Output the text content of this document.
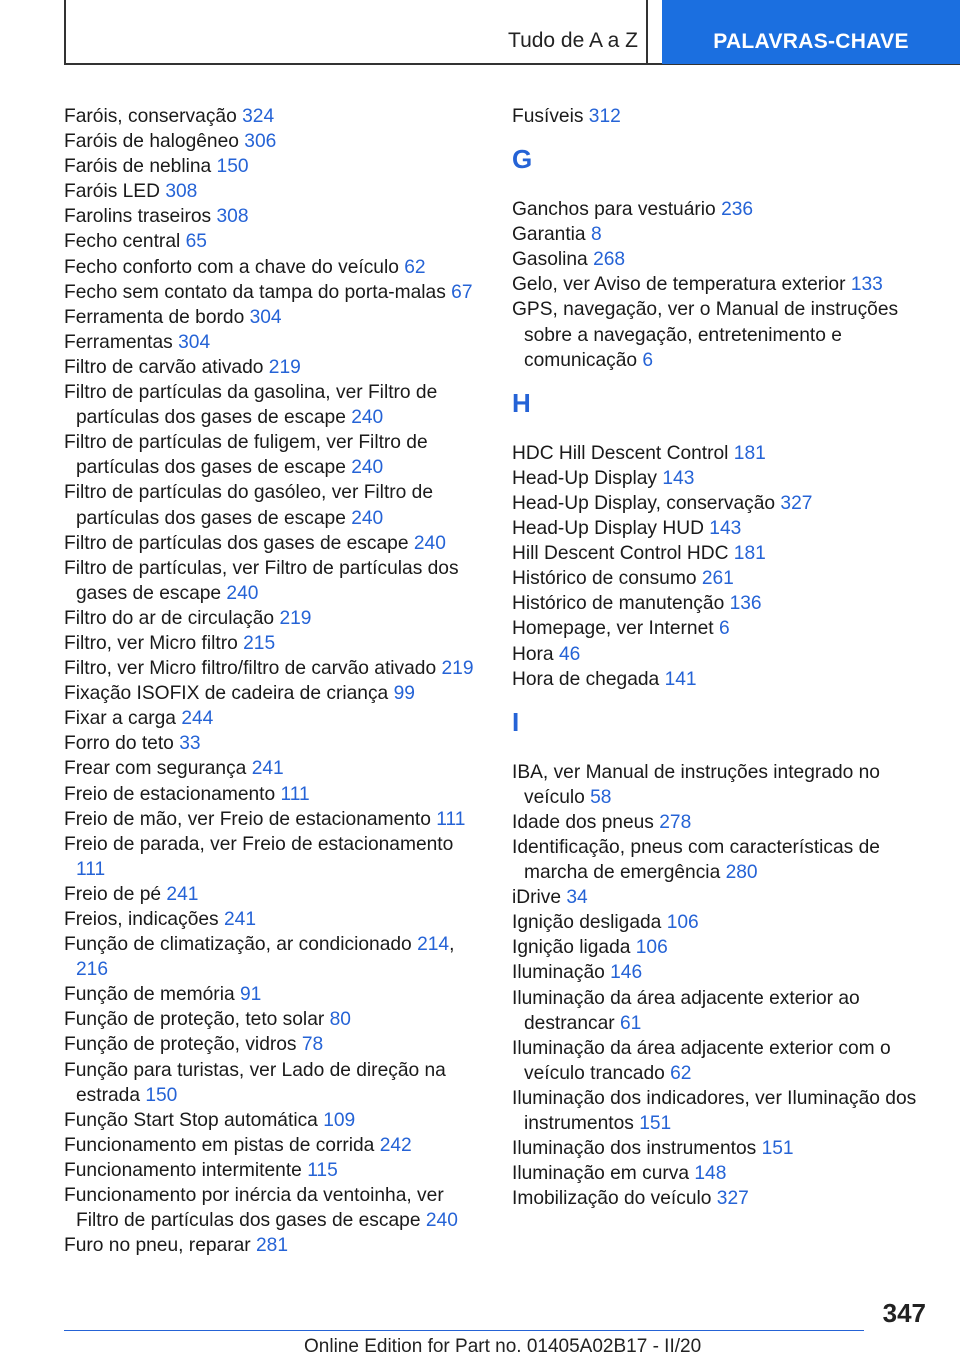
Tudo de A a Z	PALAVRAS-CHAVE

Faróis, conservação 324

Faróis de halogêneo 306

Faróis de neblina 150

Faróis LED 308

Farolins traseiros 308

Fecho central 65

Fecho conforto com a chave do veículo 62

Fecho sem contato da tampa do porta-malas 67

Ferramenta de bordo 304

Ferramentas 304

Filtro de carvão ativado 219

Filtro de partículas da gasolina, ver Filtro de partículas dos gases de escape 240

Filtro de partículas de fuligem, ver Filtro de partículas dos gases de escape 240

Filtro de partículas do gasóleo, ver Filtro de partículas dos gases de escape 240

Filtro de partículas dos gases de escape 240

Filtro de partículas, ver Filtro de partículas dos gases de escape 240

Filtro do ar de circulação 219

Filtro, ver Micro filtro 215

Filtro, ver Micro filtro/filtro de carvão ativado 219

Fixação ISOFIX de cadeira de criança 99

Fixar a carga 244

Forro do teto 33

Frear com segurança 241

Freio de estacionamento 111

Freio de mão, ver Freio de estacionamento 111

Freio de parada, ver Freio de estacionamento 111

Freio de pé 241

Freios, indicações 241

Função de climatização, ar condicionado 214, 216

Função de memória 91

Função de proteção, teto solar 80

Função de proteção, vidros 78

Função para turistas, ver Lado de direção na estrada 150

Função Start Stop automática 109

Funcionamento em pistas de corrida 242

Funcionamento intermitente 115

Funcionamento por inércia da ventoinha, ver Filtro de partículas dos gases de escape 240

Furo no pneu, reparar 281

Fusíveis 312

G

Ganchos para vestuário 236

Garantia 8

Gasolina 268

Gelo, ver Aviso de temperatura exterior 133

GPS, navegação, ver o Manual de instruções sobre a navegação, entretenimento e comunicação 6

H

HDC Hill Descent Control 181

Head-Up Display 143

Head-Up Display, conservação 327

Head-Up Display HUD 143

Hill Descent Control HDC 181

Histórico de consumo 261

Histórico de manutenção 136

Homepage, ver Internet 6

Hora 46

Hora de chegada 141

I

IBA, ver Manual de instruções integrado no veículo 58

Idade dos pneus 278

Identificação, pneus com características de marcha de emergência 280

iDrive 34

Ignição desligada 106

Ignição ligada 106

Iluminação 146

Iluminação da área adjacente exterior ao destrancar 61

Iluminação da área adjacente exterior com o veículo trancado 62

Iluminação dos indicadores, ver Iluminação dos instrumentos 151

Iluminação dos instrumentos 151

Iluminação em curva 148

Imobilização do veículo 327

347
Online Edition for Part no. 01405A02B17 - II/20
